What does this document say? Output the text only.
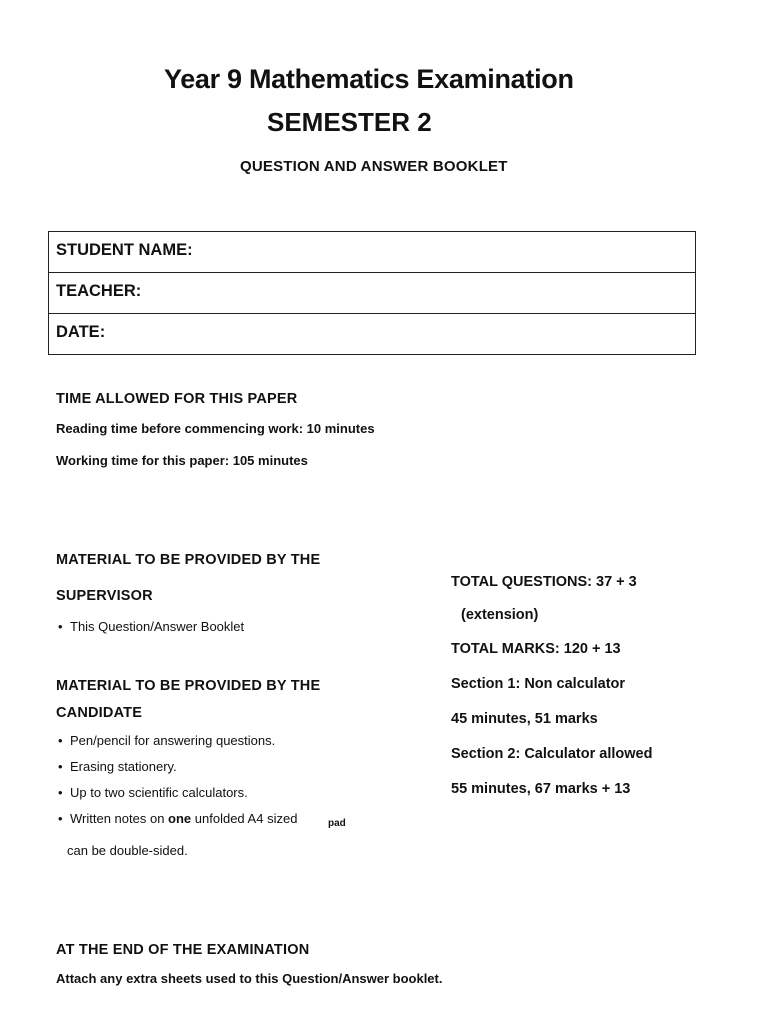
Year 9 Mathematics Examination
SEMESTER 2
QUESTION AND ANSWER BOOKLET
STUDENT NAME:
TEACHER:
DATE:
TIME ALLOWED FOR THIS PAPER
Reading time before commencing work: 10 minutes
Working time for this paper: 105 minutes
MATERIAL TO BE PROVIDED BY THE
SUPERVISOR
• This Question/Answer Booklet
MATERIAL TO BE PROVIDED BY THE
CANDIDATE
• Pen/pencil for answering questions.
• Erasing stationery.
• Up to two scientific calculators.
• Written notes on one unfolded A4 sized	pad
can be double-sided.
TOTAL QUESTIONS: 37 + 3
(extension)
TOTAL MARKS: 120 + 13
Section 1: Non calculator
45 minutes, 51 marks
Section 2: Calculator allowed
55 minutes, 67 marks + 13
AT THE END OF THE EXAMINATION
Attach any extra sheets used to this Question/Answer booklet.
